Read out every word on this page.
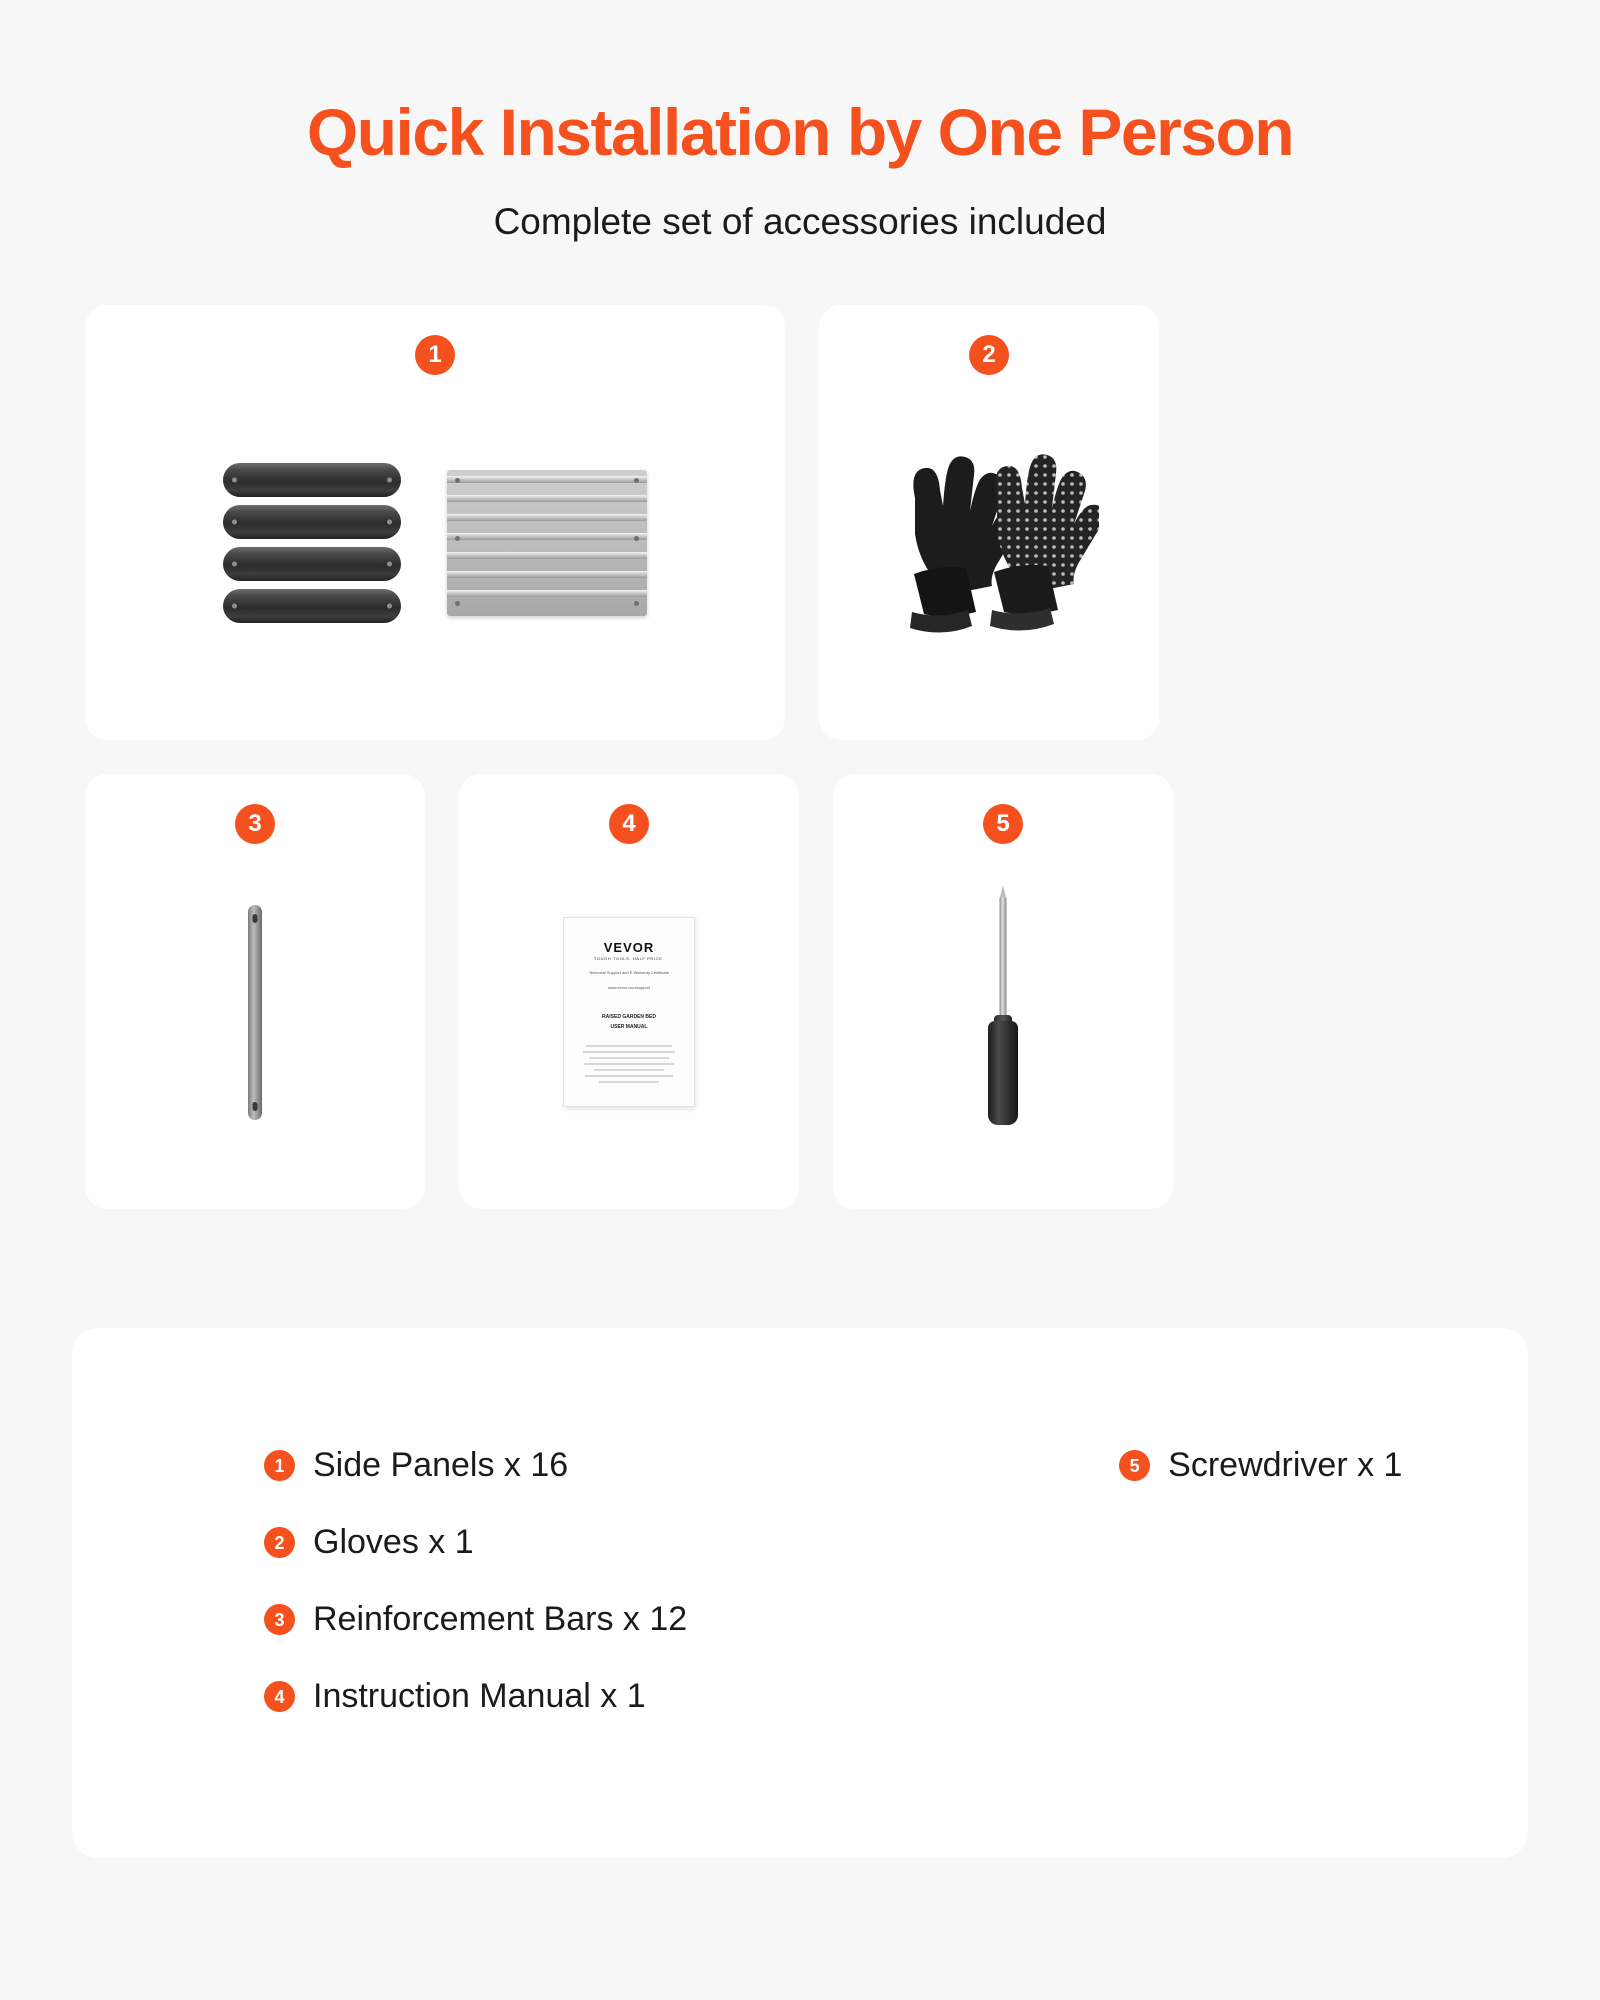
Quick Installation by One Person

Complete set of accessories included

1	2
3	4
VEVOR
TOUGH TOOLS. HALF PRICE.
Technical Support and E-Warranty Certificate
www.vevor.com/support
RAISED GARDEN BED
USER MANUAL
5
1 Side Panels x 16
2 Gloves x 1
3 Reinforcement Bars x 12
4 Instruction Manual x 1
5 Screwdriver x 1
